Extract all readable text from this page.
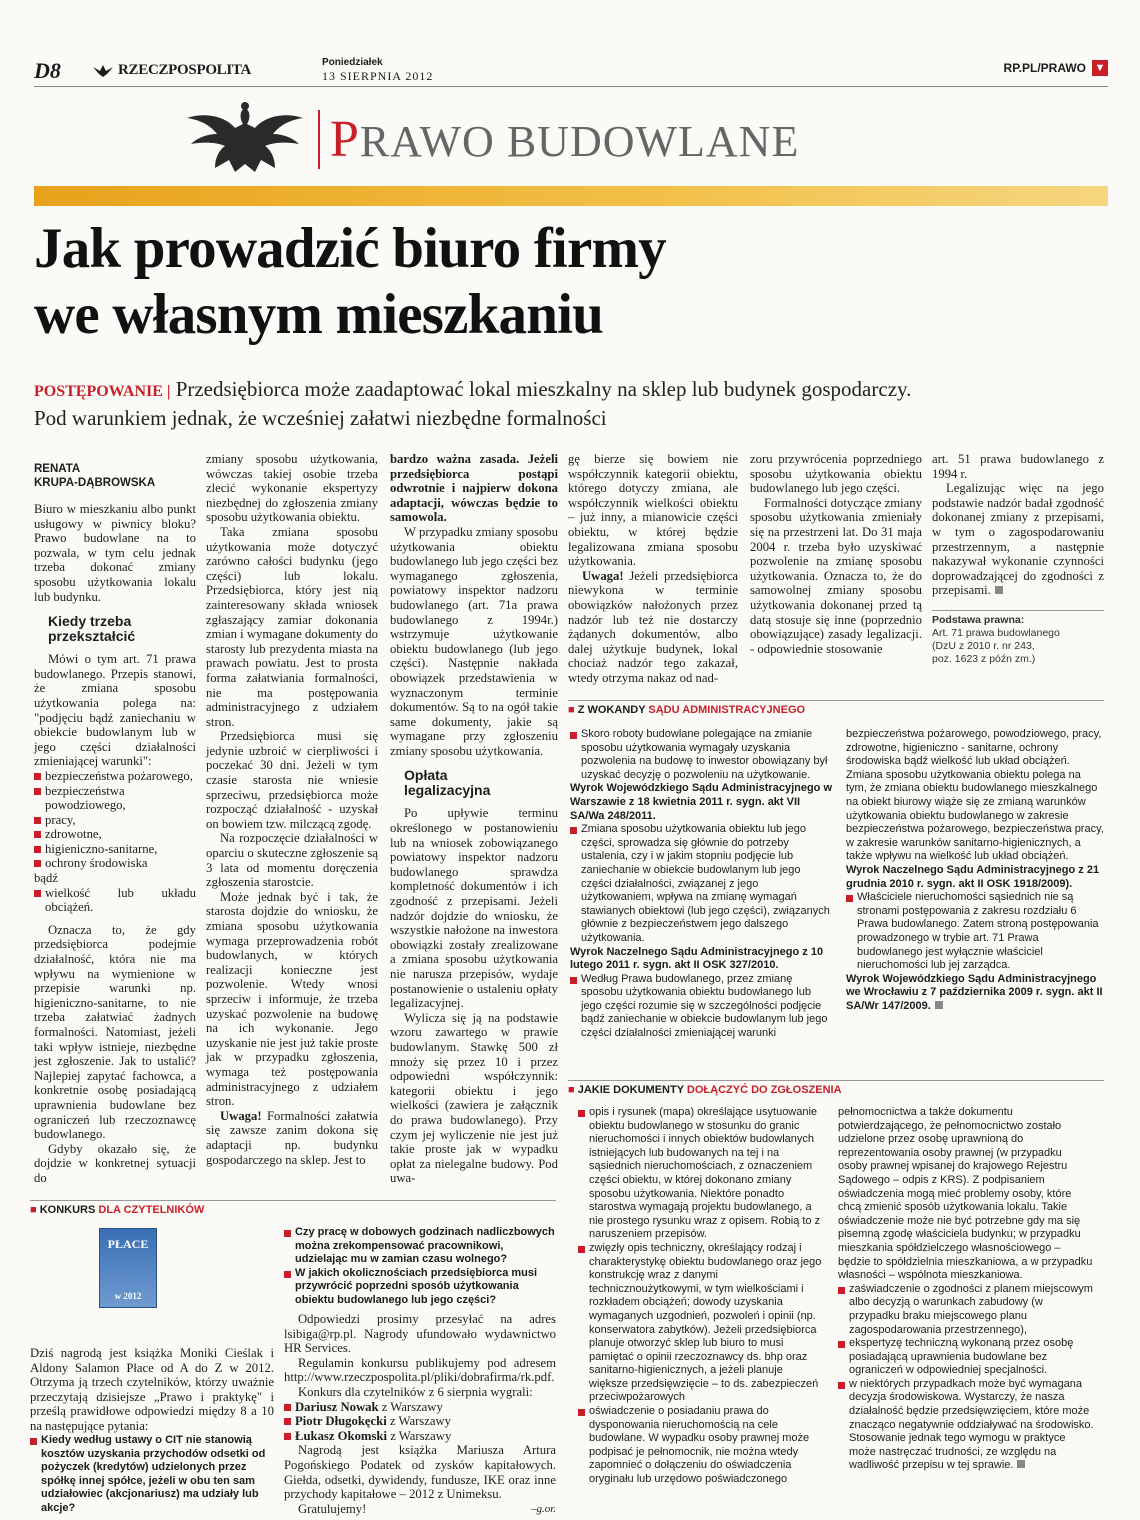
D8	RZECZPOSPOLITA	Poniedziałek
13 SIERPNIA 2012
RP.PL/PRAWO ▼
PRAWO BUDOWLANE
Jak prowadzić biuro firmy
we własnym mieszkaniu
POSTĘPOWANIE | Przedsiębiorca może zaadaptować lokal mieszkalny na sklep lub budynek gospodarczy.
Pod warunkiem jednak, że wcześniej załatwi niezbędne formalności
RENATA
KRUPA-DĄBROWSKA

Biuro w mieszkaniu albo punkt usługowy w piwnicy bloku? Prawo budowlane na to pozwala, w tym celu jednak trzeba dokonać zmiany sposobu użytkowania lokalu lub budynku.

Kiedy trzeba
przekształcić

Mówi o tym art. 71 prawa budowlanego. Przepis stanowi, że zmiana sposobu użytkowania polega na: "podjęciu bądź zaniechaniu w obiekcie budowlanym lub w jego części działalności zmieniającej warunki":

bezpieczeństwa pożarowego,
bezpieczeństwa powodziowego,
pracy,
zdrowotne,
higieniczno-sanitarne,
ochrony środowiska
bądź
wielkość lub układu obciążeń.

Oznacza to, że gdy przedsiębiorca podejmie działalność, która nie ma wpływu na wymienione w przepisie warunki np. higieniczno-sanitarne, to nie trzeba załatwiać żadnych formalności. Natomiast, jeżeli taki wpływ istnieje, niezbędne jest zgłoszenie. Jak to ustalić? Najlepiej zapytać fachowca, a konkretnie osobę posiadającą uprawnienia budowlane bez ograniczeń lub rzeczoznawcę budowlanego.

Gdyby okazało się, że dojdzie w konkretnej sytuacji do

zmiany sposobu użytkowania, wówczas takiej osobie trzeba zlecić wykonanie ekspertyzy niezbędnej do zgłoszenia zmiany sposobu użytkowania obiektu.

Taka zmiana sposobu użytkowania może dotyczyć zarówno całości budynku (jego części) lub lokalu. Przedsiębiorca, który jest nią zainteresowany składa wniosek zgłaszający zamiar dokonania zmian i wymagane dokumenty do starosty lub prezydenta miasta na prawach powiatu. Jest to prosta forma załatwiania formalności, nie ma postępowania administracyjnego z udziałem stron.

Przedsiębiorca musi się jedynie uzbroić w cierpliwości i poczekać 30 dni. Jeżeli w tym czasie starosta nie wniesie sprzeciwu, przedsiębiorca może rozpocząć działalność - uzyskał on bowiem tzw. milczącą zgodę.

Na rozpoczęcie działalności w oparciu o skuteczne zgłoszenie są 3 lata od momentu doręczenia zgłoszenia starostcie.

Może jednak być i tak, że starosta dojdzie do wniosku, że zmiana sposobu użytkowania wymaga przeprowadzenia robót budowlanych, w których realizacji konieczne jest pozwolenie. Wtedy wnosi sprzeciw i informuje, że trzeba uzyskać pozwolenie na budowę na ich wykonanie. Jego uzyskanie nie jest już takie proste jak w przypadku zgłoszenia, wymaga też postępowania administracyjnego z udziałem stron.

Uwaga! Formalności załatwia się zawsze zanim dokona się adaptacji np. budynku gospodarczego na sklep. Jest to

bardzo ważna zasada. Jeżeli przedsiębiorca postąpi odwrotnie i najpierw dokona adaptacji, wówczas będzie to samowola.

W przypadku zmiany sposobu użytkowania obiektu budowlanego lub jego części bez wymaganego zgłoszenia, powiatowy inspektor nadzoru budowlanego (art. 71a prawa budowlanego z 1994r.) wstrzymuje użytkowanie obiektu budowlanego (lub jego części). Następnie nakłada obowiązek przedstawienia w wyznaczonym terminie dokumentów. Są to na ogół takie same dokumenty, jakie są wymagane przy zgłoszeniu zmiany sposobu użytkowania.

Opłata
legalizacyjna

Po upływie terminu określonego w postanowieniu lub na wniosek zobowiązanego powiatowy inspektor nadzoru budowlanego sprawdza kompletność dokumentów i ich zgodność z przepisami. Jeżeli nadzór dojdzie do wniosku, że wszystkie nałożone na inwestora obowiązki zostały zrealizowane a zmiana sposobu użytkowania nie narusza przepisów, wydaje postanowienie o ustaleniu opłaty legalizacyjnej.

Wylicza się ją na podstawie wzoru zawartego w prawie budowlanym. Stawkę 500 zł mnoży się przez 10 i przez odpowiedni współczynnik: kategorii obiektu i jego wielkości (zawiera je załącznik do prawa budowlanego). Przy czym jej wyliczenie nie jest już takie proste jak w wypadku opłat za nielegalne budowy. Pod uwa-

gę bierze się bowiem nie współczynnik kategorii obiektu, którego dotyczy zmiana, ale współczynnik wielkości obiektu – już inny, a mianowicie części obiektu, w której będzie legalizowana zmiana sposobu użytkowania.

Uwaga! Jeżeli przedsiębiorca niewykona w terminie obowiązków nałożonych przez nadzór lub też nie dostarczy żądanych dokumentów, albo dalej użytkuje budynek, lokal chociaż nadzór tego zakazał, wtedy otrzyma nakaz od nad-

zoru przywrócenia poprzedniego sposobu użytkowania obiektu budowlanego lub jego części.

Formalności dotyczące zmiany sposobu użytkowania zmieniały się na przestrzeni lat. Do 31 maja 2004 r. trzeba było uzyskiwać pozwolenie na zmianę sposobu użytkowania. Oznacza to, że do samowolnej zmiany sposobu użytkowania dokonanej przed tą datą stosuje się inne (poprzednio obowiązujące) zasady legalizacji. - odpowiednie stosowanie

art. 51 prawa budowlanego z 1994 r.

Legalizując więc na jego podstawie nadzór badał zgodność dokonanej zmiany z przepisami, w tym o zagospodarowaniu przestrzennym, a następnie nakazywał wykonanie czynności doprowadzającej do zgodności z przepisami.

Podstawa prawna:
Art. 71 prawa budowlanego
(DzU z 2010 r. nr 243,
poz. 1623 z późn zm.)
■ Z WOKANDY SĄDU ADMINISTRACYJNEGO
Skoro roboty budowlane polegające na zmianie sposobu użytkowania wymagały uzyskania pozwolenia na budowę to inwestor obowiązany był uzyskać decyzję o pozwoleniu na użytkowanie.
Wyrok Wojewódzkiego Sądu Administracyjnego w Warszawie z 18 kwietnia 2011 r. sygn. akt VII SA/Wa 248/2011.
Zmiana sposobu użytkowania obiektu lub jego części, sprowadza się głównie do potrzeby ustalenia, czy i w jakim stopniu podjęcie lub zaniechanie w obiekcie budowlanym lub jego części działalności, związanej z jego użytkowaniem, wpływa na zmianę wymagań stawianych obiektowi (lub jego części), związanych głównie z bezpieczeństwem jego dalszego użytkowania.
Wyrok Naczelnego Sądu Administracyjnego z 10 lutego 2011 r. sygn. akt II OSK 327/2010.
Według Prawa budowlanego, przez zmianę sposobu użytkowania obiektu budowlanego lub jego części rozumie się w szczególności podjęcie bądź zaniechanie w obiekcie budowlanym lub jego części działalności zmieniającej warunki
bezpieczeństwa pożarowego, powodziowego, pracy, zdrowotne, higieniczno - sanitarne, ochrony środowiska bądź wielkość lub układ obciążeń. Zmiana sposobu użytkowania obiektu polega na tym, że zmiana obiektu budowlanego mieszkalnego na obiekt biurowy wiąże się ze zmianą warunków użytkowania obiektu budowlanego w zakresie bezpieczeństwa pożarowego, bezpieczeństwa pracy, w zakresie warunków sanitarno-higienicznych, a także wpływu na wielkość lub układ obciążeń.
Wyrok Naczelnego Sądu Administracyjnego z 21 grudnia 2010 r. sygn. akt II OSK 1918/2009).
Właściciele nieruchomości sąsiednich nie są stronami postępowania z zakresu rozdziału 6 Prawa budowlanego. Zatem stroną postępowania prowadzonego w trybie art. 71 Prawa budowlanego jest wyłącznie właściciel nieruchomości lub jej zarządca.
Wyrok Wojewódzkiego Sądu Administracyjnego we Wrocławiu z 7 października 2009 r. sygn. akt II SA/Wr 147/2009.
■ JAKIE DOKUMENTY DOŁĄCZYĆ DO ZGŁOSZENIA
opis i rysunek (mapa) określające usytuowanie obiektu budowlanego w stosunku do granic nieruchomości i innych obiektów budowlanych istniejących lub budowanych na tej i na sąsiednich nieruchomościach, z oznaczeniem części obiektu, w której dokonano zmiany sposobu użytkowania. Niektóre ponadto starostwa wymagają projektu budowlanego, a nie prostego rysunku wraz z opisem. Robią to z naruszeniem przepisów.
zwięzły opis techniczny, określający rodzaj i charakterystykę obiektu budowlanego oraz jego konstrukcję wraz z danymi technicznoużytkowymi, w tym wielkościami i rozkładem obciążeń; dowody uzyskania wymaganych uzgodnień, pozwoleń i opinii (np. konserwatora zabytków). Jeżeli przedsiębiorca planuje otworzyć sklep lub biuro to musi pamiętać o opinii rzeczoznawcy ds. bhp oraz sanitarno-higienicznych, a jeżeli planuje większe przedsięwzięcie – to ds. zabezpieczeń przeciwpożarowych
oświadczenie o posiadaniu prawa do dysponowania nieruchomością na cele budowlane. W wypadku osoby prawnej może podpisać je pełnomocnik, nie można wtedy zapomnieć o dołączeniu do oświadczenia oryginału lub urzędowo poświadczonego
pełnomocnictwa a także dokumentu potwierdzającego, że pełnomocnictwo zostało udzielone przez osobę uprawnioną do reprezentowania osoby prawnej (w przypadku osoby prawnej wpisanej do krajowego Rejestru Sądowego – odpis z KRS). Z podpisaniem oświadczenia mogą mieć problemy osoby, które chcą zmienić sposób użytkowania lokalu. Takie oświadczenie może nie być potrzebne gdy ma się pisemną zgodę właściciela budynku; w przypadku mieszkania spółdzielczego własnościowego – będzie to spółdzielnia mieszkaniowa, a w przypadku własności – wspólnota mieszkaniowa.
zaświadczenie o zgodności z planem miejscowym albo decyzją o warunkach zabudowy (w przypadku braku miejscowego planu zagospodarowania przestrzennego),
ekspertyzę techniczną wykonaną przez osobę posiadającą uprawnienia budowlane bez ograniczeń w odpowiedniej specjalności.
w niektórych przypadkach może być wymagana decyzja środowiskowa. Wystarczy, że nasza działalność będzie przedsięwzięciem, które może znacząco negatywnie oddziaływać na środowisko. Stosowanie jednak tego wymogu w praktyce może nastręczać trudności, ze względu na wadliwość przepisu w tej sprawie.
■ KONKURS DLA CZYTELNIKÓW
PŁACE
w 2012

Dziś nagrodą jest książka Moniki Cieślak i Aldony Salamon Płace od A do Z w 2012. Otrzyma ją trzech czytelników, którzy uważnie przeczytają dzisiejsze „Prawo i praktykę" i prześlą prawidłowe odpowiedzi między 8 a 10 na następujące pytania:

Kiedy według ustawy o CIT nie stanowią kosztów uzyskania przychodów odsetki od pożyczek (kredytów) udzielonych przez spółkę innej spółce, jeżeli w obu ten sam udziałowiec (akcjonariusz) ma udziały lub akcje?
Czy pracę w dobowych godzinach nadliczbowych można zrekompensować pracownikowi, udzielając mu w zamian czasu wolnego?
W jakich okolicznościach przedsiębiorca musi przywrócić poprzedni sposób użytkowania obiektu budowlanego lub jego części?

Odpowiedzi prosimy przesyłać na adres lsibiga@rp.pl. Nagrody ufundowało wydawnictwo HR Services.

Regulamin konkursu publikujemy pod adresem http://www.rzeczpospolita.pl/pliki/dobrafirma/rk.pdf.

Konkurs dla czytelników z 6 sierpnia wygrali:

Dariusz Nowak z Warszawy
Piotr Długokęcki z Warszawy
Łukasz Okomski z Warszawy

Nagrodą jest książka Mariusza Artura Pogońskiego Podatek od zysków kapitałowych. Giełda, odsetki, dywidendy, fundusze, IKE oraz inne przychody kapitałowe – 2012 z Unimeksu.

Gratulujemy!	–g.or.
